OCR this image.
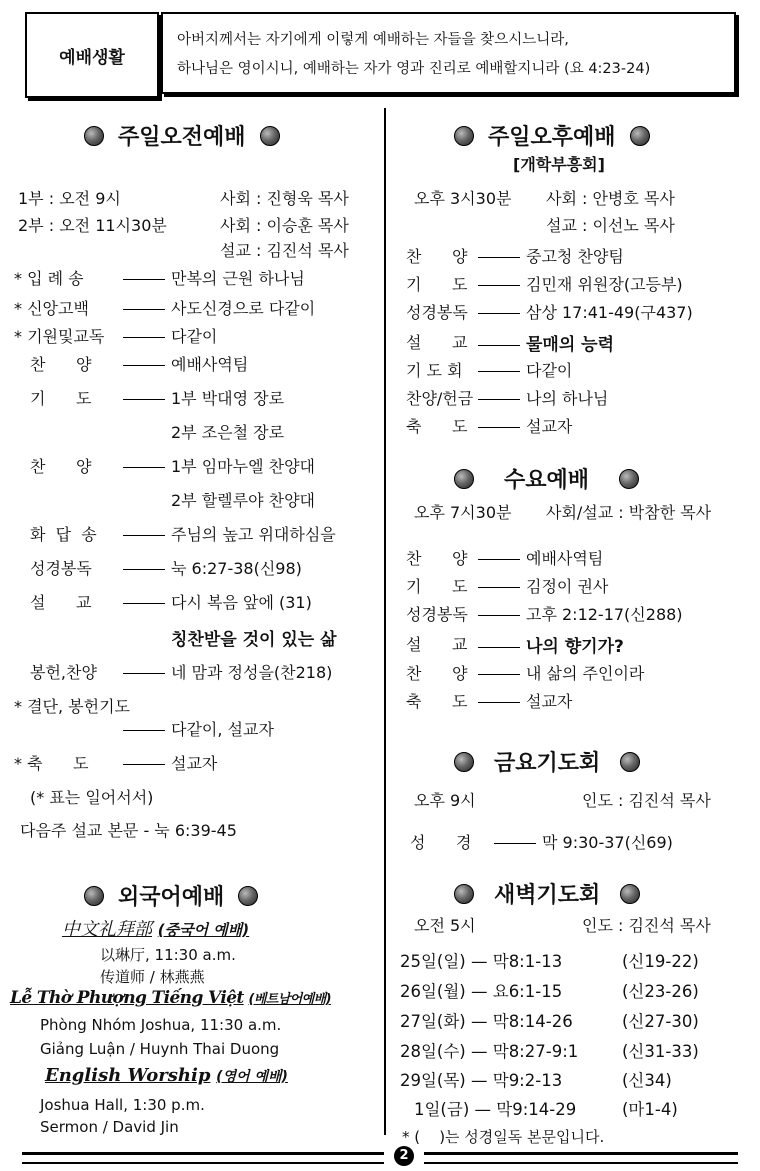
예배생활
아버지께서는 자기에게 이렇게 예배하는 자들을 찾으시느니라,
하나님은 영이시니, 예배하는 자가 영과 진리로 예배할지니라 (요 4:23-24)
주일오전예배
1부 : 오전 9시	사회 : 진형욱 목사
2부 : 오전 11시30분	사회 : 이승훈 목사
설교 : 김진석 목사
* 입 례 송	만복의 근원 하나님
* 신앙고백	사도신경으로 다같이
* 기원및교독	다같이
찬      양	예배사역팀
기      도	1부 박대영 장로
2부 조은철 장로
찬      양	1부 임마누엘 찬양대
2부 할렐루야 찬양대
화  답  송	주님의 높고 위대하심을
성경봉독	눅 6:27-38(신98)
설      교	다시 복음 앞에 (31)
칭찬받을 것이 있는 삶
봉헌,찬양	네 맘과 정성을(찬218)
* 결단, 봉헌기도
다같이, 설교자
* 축      도	설교자
(* 표는 일어서서)
다음주 설교 본문 - 눅 6:39-45
외국어예배
中文礼拜部 (중국어 예배)
以琳厅, 11:30 a.m.
传道师 / 林燕燕
Lễ Thờ Phượng Tiếng Việt (베트남어예배)
Phòng Nhóm Joshua, 11:30 a.m.
Giảng Luận / Huynh Thai Duong
English Worship (영어 예배)
Joshua Hall, 1:30 p.m.
Sermon / David Jin
주일오후예배
[개학부흥회]
오후 3시30분 사회 : 안병호 목사
설교 : 이선노 목사
찬      양	중고청 찬양팀
기      도	김민재 위원장(고등부)
성경봉독	삼상 17:41-49(구437)
설      교	물매의 능력
기 도 회	다같이
찬양/헌금	나의 하나님
축      도	설교자
수요예배
오후 7시30분 사회/설교 : 박참한 목사
찬      양	예배사역팀
기      도	김정이 권사
성경봉독	고후 2:12-17(신288)
설      교	나의 향기가?
찬      양	내 삶의 주인이라
축      도	설교자
금요기도회
오후 9시	인도 : 김진석 목사
성      경	막 9:30-37(신69)
새벽기도회
오전 5시	인도 : 김진석 목사
25일(일) — 막8:1-13	(신19-22)
26일(월) — 요6:1-15	(신23-26)
27일(화) — 막8:14-26	(신27-30)
28일(수) — 막8:27-9:1	(신31-33)
29일(목) — 막9:2-13	(신34)
1일(금) — 막9:14-29	(마1-4)
* (    )는 성경일독 본문입니다.
2
